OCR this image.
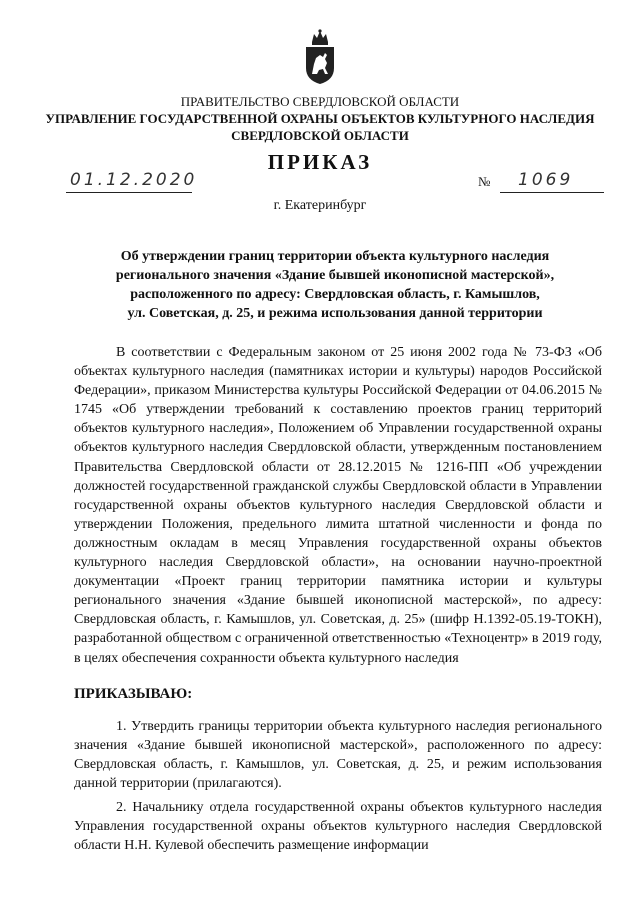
ПРАВИТЕЛЬСТВО СВЕРДЛОВСКОЙ ОБЛАСТИ
УПРАВЛЕНИЕ ГОСУДАРСТВЕННОЙ ОХРАНЫ ОБЪЕКТОВ КУЛЬТУРНОГО НАСЛЕДИЯ
СВЕРДЛОВСКОЙ ОБЛАСТИ
ПРИКАЗ
01.12.2020	№ 1069
г. Екатеринбург
Об утверждении границ территории объекта культурного наследия
регионального значения «Здание бывшей иконописной мастерской»,
расположенного по адресу: Свердловская область, г. Камышлов,
ул. Советская, д. 25, и режима использования данной территории

В соответствии с Федеральным законом от 25 июня 2002 года № 73-ФЗ «Об объектах культурного наследия (памятниках истории и культуры) народов Российской Федерации», приказом Министерства культуры Российской Федерации от 04.06.2015 № 1745 «Об утверждении требований к составлению проектов границ территорий объектов культурного наследия», Положением об Управлении государственной охраны объектов культурного наследия Свердловской области, утвержденным постановлением Правительства Свердловской области от 28.12.2015 № 1216-ПП «Об учреждении должностей государственной гражданской службы Свердловской области в Управлении государственной охраны объектов культурного наследия Свердловской области и утверждении Положения, предельного лимита штатной численности и фонда по должностным окладам в месяц Управления государственной охраны объектов культурного наследия Свердловской области», на основании научно-проектной документации «Проект границ территории памятника истории и культуры регионального значения «Здание бывшей иконописной мастерской», по адресу: Свердловская область, г. Камышлов, ул. Советская, д. 25» (шифр Н.1392-05.19-ТОКН), разработанной обществом с ограниченной ответственностью «Техноцентр» в 2019 году, в целях обеспечения сохранности объекта культурного наследия

ПРИКАЗЫВАЮ:

1. Утвердить границы территории объекта культурного наследия регионального значения «Здание бывшей иконописной мастерской», расположенного по адресу: Свердловская область, г. Камышлов, ул. Советская, д. 25, и режим использования данной территории (прилагаются).

2. Начальнику отдела государственной охраны объектов культурного наследия Управления государственной охраны объектов культурного наследия Свердловской области Н.Н. Кулевой обеспечить размещение информации
